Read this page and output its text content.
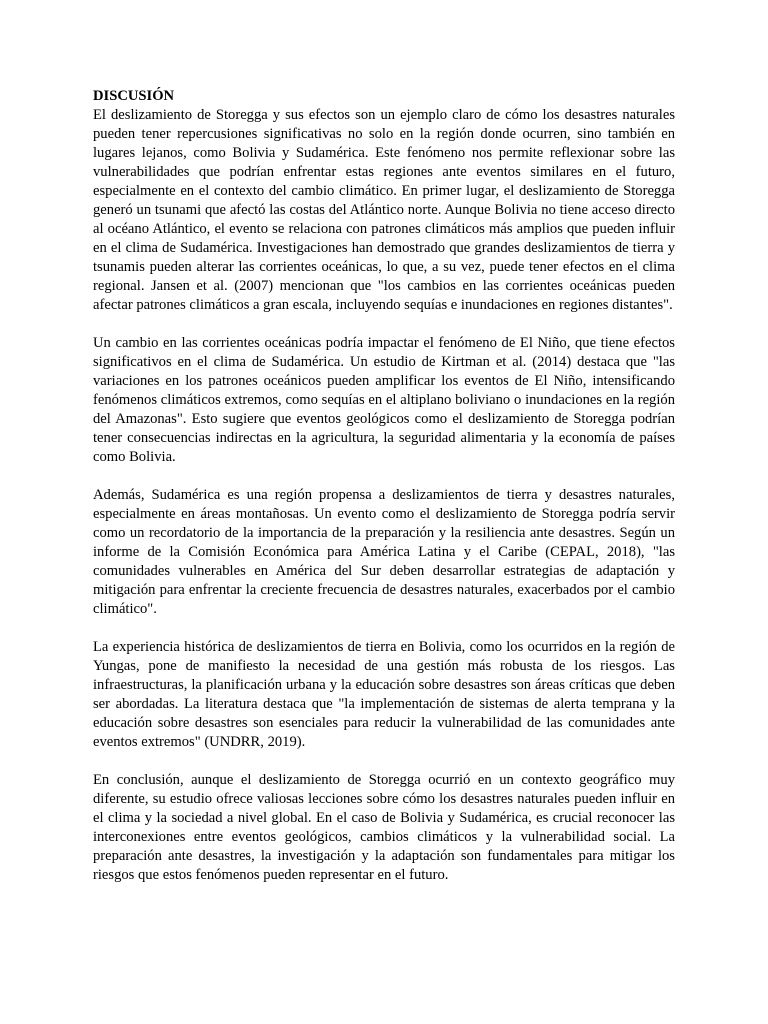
DISCUSIÓN

El deslizamiento de Storegga y sus efectos son un ejemplo claro de cómo los desastres naturales pueden tener repercusiones significativas no solo en la región donde ocurren, sino también en lugares lejanos, como Bolivia y Sudamérica. Este fenómeno nos permite reflexionar sobre las vulnerabilidades que podrían enfrentar estas regiones ante eventos similares en el futuro, especialmente en el contexto del cambio climático. En primer lugar, el deslizamiento de Storegga generó un tsunami que afectó las costas del Atlántico norte. Aunque Bolivia no tiene acceso directo al océano Atlántico, el evento se relaciona con patrones climáticos más amplios que pueden influir en el clima de Sudamérica. Investigaciones han demostrado que grandes deslizamientos de tierra y tsunamis pueden alterar las corrientes oceánicas, lo que, a su vez, puede tener efectos en el clima regional. Jansen et al. (2007) mencionan que "los cambios en las corrientes oceánicas pueden afectar patrones climáticos a gran escala, incluyendo sequías e inundaciones en regiones distantes".

Un cambio en las corrientes oceánicas podría impactar el fenómeno de El Niño, que tiene efectos significativos en el clima de Sudamérica. Un estudio de Kirtman et al. (2014) destaca que "las variaciones en los patrones oceánicos pueden amplificar los eventos de El Niño, intensificando fenómenos climáticos extremos, como sequías en el altiplano boliviano o inundaciones en la región del Amazonas". Esto sugiere que eventos geológicos como el deslizamiento de Storegga podrían tener consecuencias indirectas en la agricultura, la seguridad alimentaria y la economía de países como Bolivia.

Además, Sudamérica es una región propensa a deslizamientos de tierra y desastres naturales, especialmente en áreas montañosas. Un evento como el deslizamiento de Storegga podría servir como un recordatorio de la importancia de la preparación y la resiliencia ante desastres. Según un informe de la Comisión Económica para América Latina y el Caribe (CEPAL, 2018), "las comunidades vulnerables en América del Sur deben desarrollar estrategias de adaptación y mitigación para enfrentar la creciente frecuencia de desastres naturales, exacerbados por el cambio climático".

La experiencia histórica de deslizamientos de tierra en Bolivia, como los ocurridos en la región de Yungas, pone de manifiesto la necesidad de una gestión más robusta de los riesgos. Las infraestructuras, la planificación urbana y la educación sobre desastres son áreas críticas que deben ser abordadas. La literatura destaca que "la implementación de sistemas de alerta temprana y la educación sobre desastres son esenciales para reducir la vulnerabilidad de las comunidades ante eventos extremos" (UNDRR, 2019).

En conclusión, aunque el deslizamiento de Storegga ocurrió en un contexto geográfico muy diferente, su estudio ofrece valiosas lecciones sobre cómo los desastres naturales pueden influir en el clima y la sociedad a nivel global. En el caso de Bolivia y Sudamérica, es crucial reconocer las interconexiones entre eventos geológicos, cambios climáticos y la vulnerabilidad social. La preparación ante desastres, la investigación y la adaptación son fundamentales para mitigar los riesgos que estos fenómenos pueden representar en el futuro.
